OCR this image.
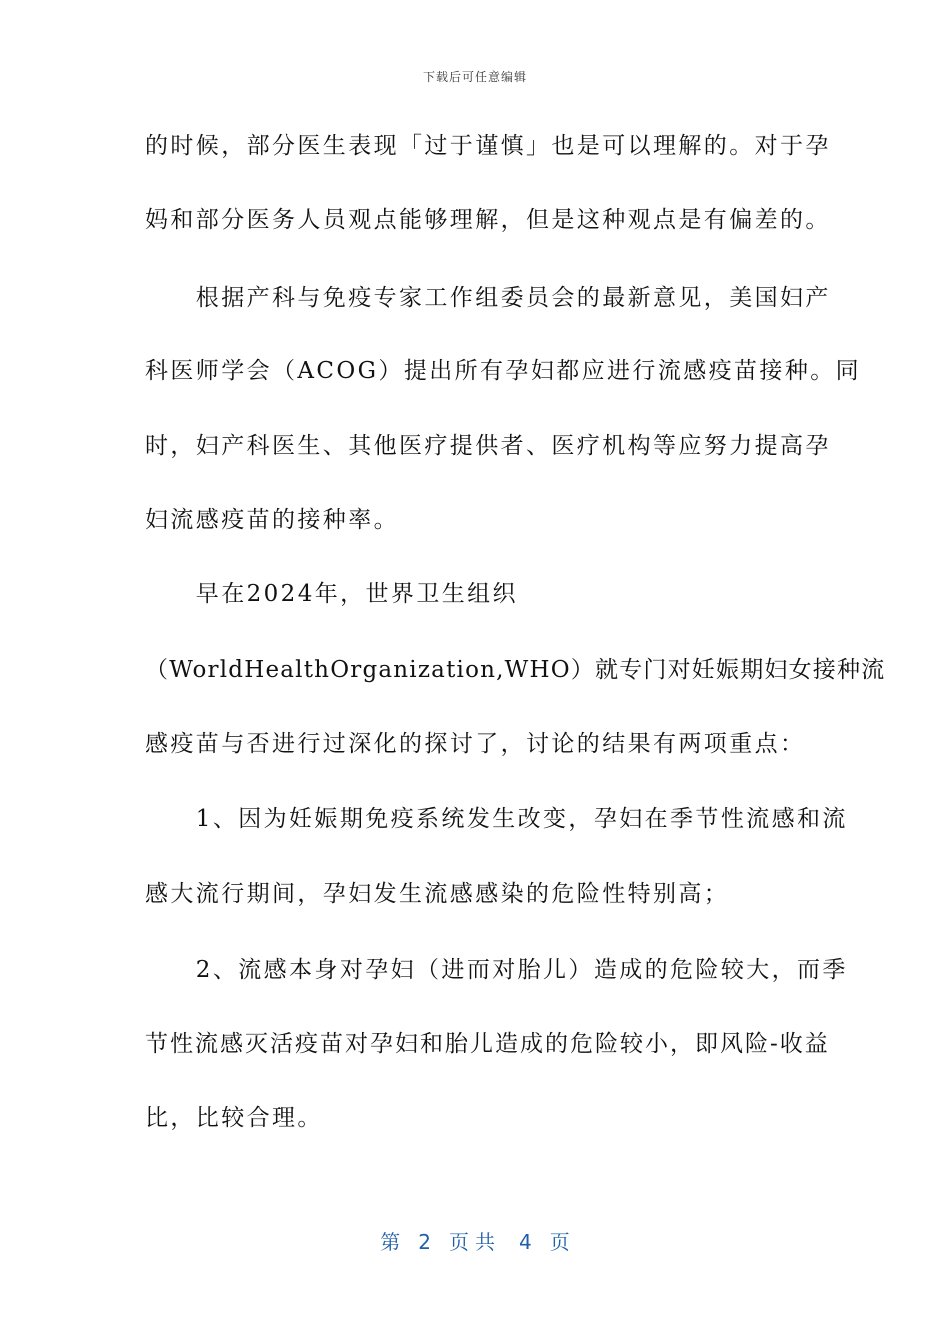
下载后可任意编辑
的时候，部分医生表现「过于谨慎」也是可以理解的。对于孕
妈和部分医务人员观点能够理解，但是这种观点是有偏差的。
　　根据产科与免疫专家工作组委员会的最新意见，美国妇产
科医师学会（ACOG）提出所有孕妇都应进行流感疫苗接种。同
时，妇产科医生、其他医疗提供者、医疗机构等应努力提高孕
妇流感疫苗的接种率。
　　早在2024年，世界卫生组织
（WorldHealthOrganization,WHO）就专门对妊娠期妇女接种流
感疫苗与否进行过深化的探讨了，讨论的结果有两项重点：
　　1、因为妊娠期免疫系统发生改变，孕妇在季节性流感和流
感大流行期间，孕妇发生流感感染的危险性特别高；
　　2、流感本身对孕妇（进而对胎儿）造成的危险较大，而季
节性流感灭活疫苗对孕妇和胎儿造成的危险较小，即风险-收益
比，比较合理。
第 2 页共 4 页
